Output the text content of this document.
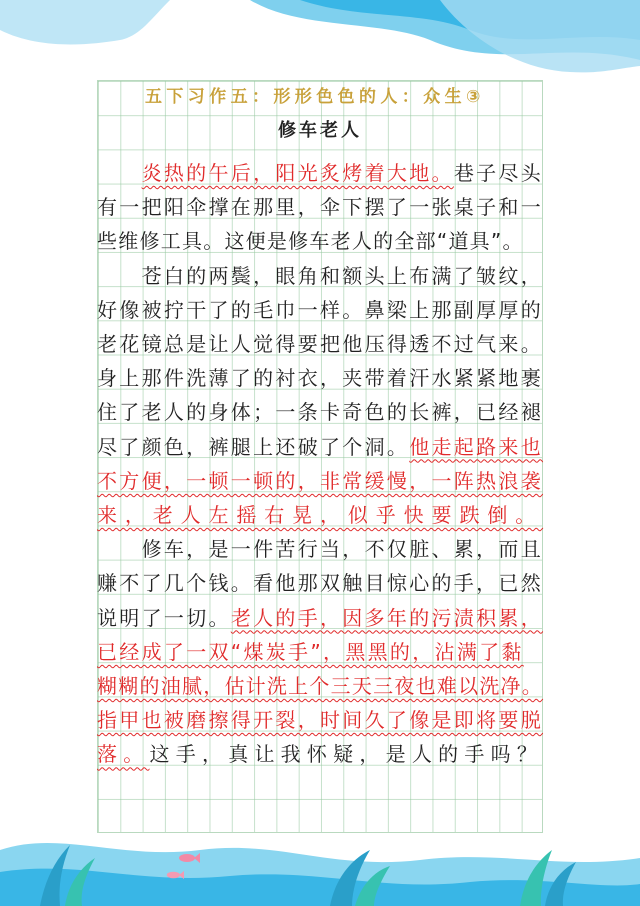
五下习作五：形形色色的人：众生③
修车老人
　　炎热的午后，阳光炙烤着大地。巷子尽头
有一把阳伞撑在那里，伞下摆了一张桌子和一
些维修工具。这便是修车老人的全部“道具”。
　　苍白的两鬓，眼角和额头上布满了皱纹，
好像被拧干了的毛巾一样。鼻梁上那副厚厚的
老花镜总是让人觉得要把他压得透不过气来。
身上那件洗薄了的衬衣，夹带着汗水紧紧地裹
住了老人的身体；一条卡奇色的长裤，已经褪
尽了颜色，裤腿上还破了个洞。他走起路来也
不方便，一顿一顿的，非常缓慢，一阵热浪袭
来，老人左摇右晃，似乎快要跌倒。
　　修车，是一件苦行当，不仅脏、累，而且
赚不了几个钱。看他那双触目惊心的手，已然
说明了一切。老人的手，因多年的污渍积累，
已经成了一双“煤炭手”，黑黑的，沾满了黏
糊糊的油腻，估计洗上个三天三夜也难以洗净。
指甲也被磨擦得开裂，时间久了像是即将要脱
落。这手，真让我怀疑，是人的手吗？
